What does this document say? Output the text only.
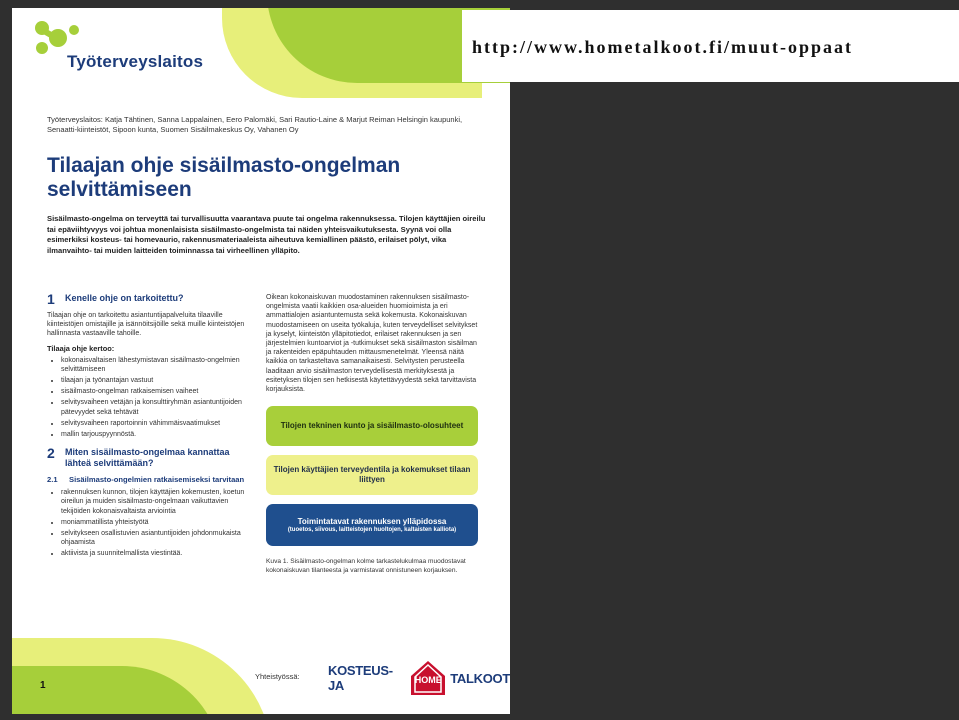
Työterveyslaitos
Työterveyslaitos: Katja Tähtinen, Sanna Lappalainen, Eero Palomäki, Sari Rautio-Laine & Marjut Reiman Helsingin kaupunki, Senaatti-kiinteistöt, Sipoon kunta, Suomen Sisäilmakeskus Oy, Vahanen Oy
Tilaajan ohje sisäilmasto-ongelman selvittämiseen
Sisäilmasto-ongelma on terveyttä tai turvallisuutta vaarantava puute tai ongelma rakennuksessa. Tilojen käyttäjien oireilu tai epäviihtyvyys voi johtua monenlaisista sisäilmasto-ongelmista tai näiden yhteisvaikutuksesta. Syynä voi olla esimerkiksi kosteus- tai homevaurio, rakennusmateriaaleista aiheutuva kemiallinen päästö, erilaiset pölyt, vika ilmanvaihto- tai muiden laitteiden toiminnassa tai virheellinen ylläpito.
1	Kenelle ohje on tarkoitettu?
Tilaajan ohje on tarkoitettu asiantuntijapalveluita tilaaville kiinteistöjen omistajille ja isännöitsijöille sekä muille kiinteistöjen hallinnasta vastaaville tahoille.
Tilaaja ohje kertoo:
• kokonaisvaltaisen lähestymistavan sisäilmasto-ongelmien selvittämiseen
• tilaajan ja työnantajan vastuut
• sisäilmasto-ongelman ratkaisemisen vaiheet
• selvitysvaiheen vetäjän ja konsulttiryhmän asiantuntijoiden pätevyydet sekä tehtävät
• selvitysvaiheen raportoinnin vähimmäisvaatimukset
• mallin tarjouspyynnöstä.
2	Miten sisäilmasto-ongelmaa kannattaa lähteä selvittämään?
2.1	Sisäilmasto-ongelmien ratkaisemiseksi tarvitaan
• rakennuksen kunnon, tilojen käyttäjien kokemusten, koetun oireilun ja muiden sisäilmasto-ongelmaan vaikuttavien tekijöiden kokonaisvaltaista arviointia
• moniammatillista yhteistyötä
• selvitykseen osallistuvien asiantuntijoiden johdonmukaista ohjaamista
• aktiivista ja suunnitelmallista viestintää.
Oikean kokonaiskuvan muodostaminen rakennuksen sisäilmasto-ongelmista vaatii kaikkien osa-alueiden huomioimista ja eri ammattialojen asiantuntemusta sekä kokemusta. Kokonaiskuvan muodostamiseen on useita työkaluja, kuten terveydelliset selvitykset ja kyselyt, kiinteistön ylläpitotiedot, erilaiset rakennuksen ja sen järjestelmien kuntoarviot ja -tutkimukset sekä sisäilmaston sisäilman ja rakenteiden epäpuhtauden mittausmenetelmät. Yleensä näitä kaikkia on tarkasteltava samanaikaisesti. Selvitysten perusteella laaditaan arvio sisäilmaston terveydellisestä merkityksestä ja esitetyksen tilojen sen hetkisestä käytettävyydestä sekä tarvittavista korjauksista.
Tilojen tekninen kunto ja sisäilmasto-olosuhteet
Tilojen käyttäjien terveydentila ja kokemukset tilaan liittyen
Toimintatavat rakennuksen ylläpidossa
(tuoetos, siivous, laitteistojen huoltojen, kaltaisten kalliota)
Kuva 1. Sisäilmasto-ongelman kolme tarkastelukulmaa muodostavat kokonaiskuvan tilanteesta ja varmistavat onnistuneen korjauksen.
1
Yhteistyössä: KOSTEUS- JA	HOME TALKOOT
http://www.hometalkoot.fi/muut-oppaat
